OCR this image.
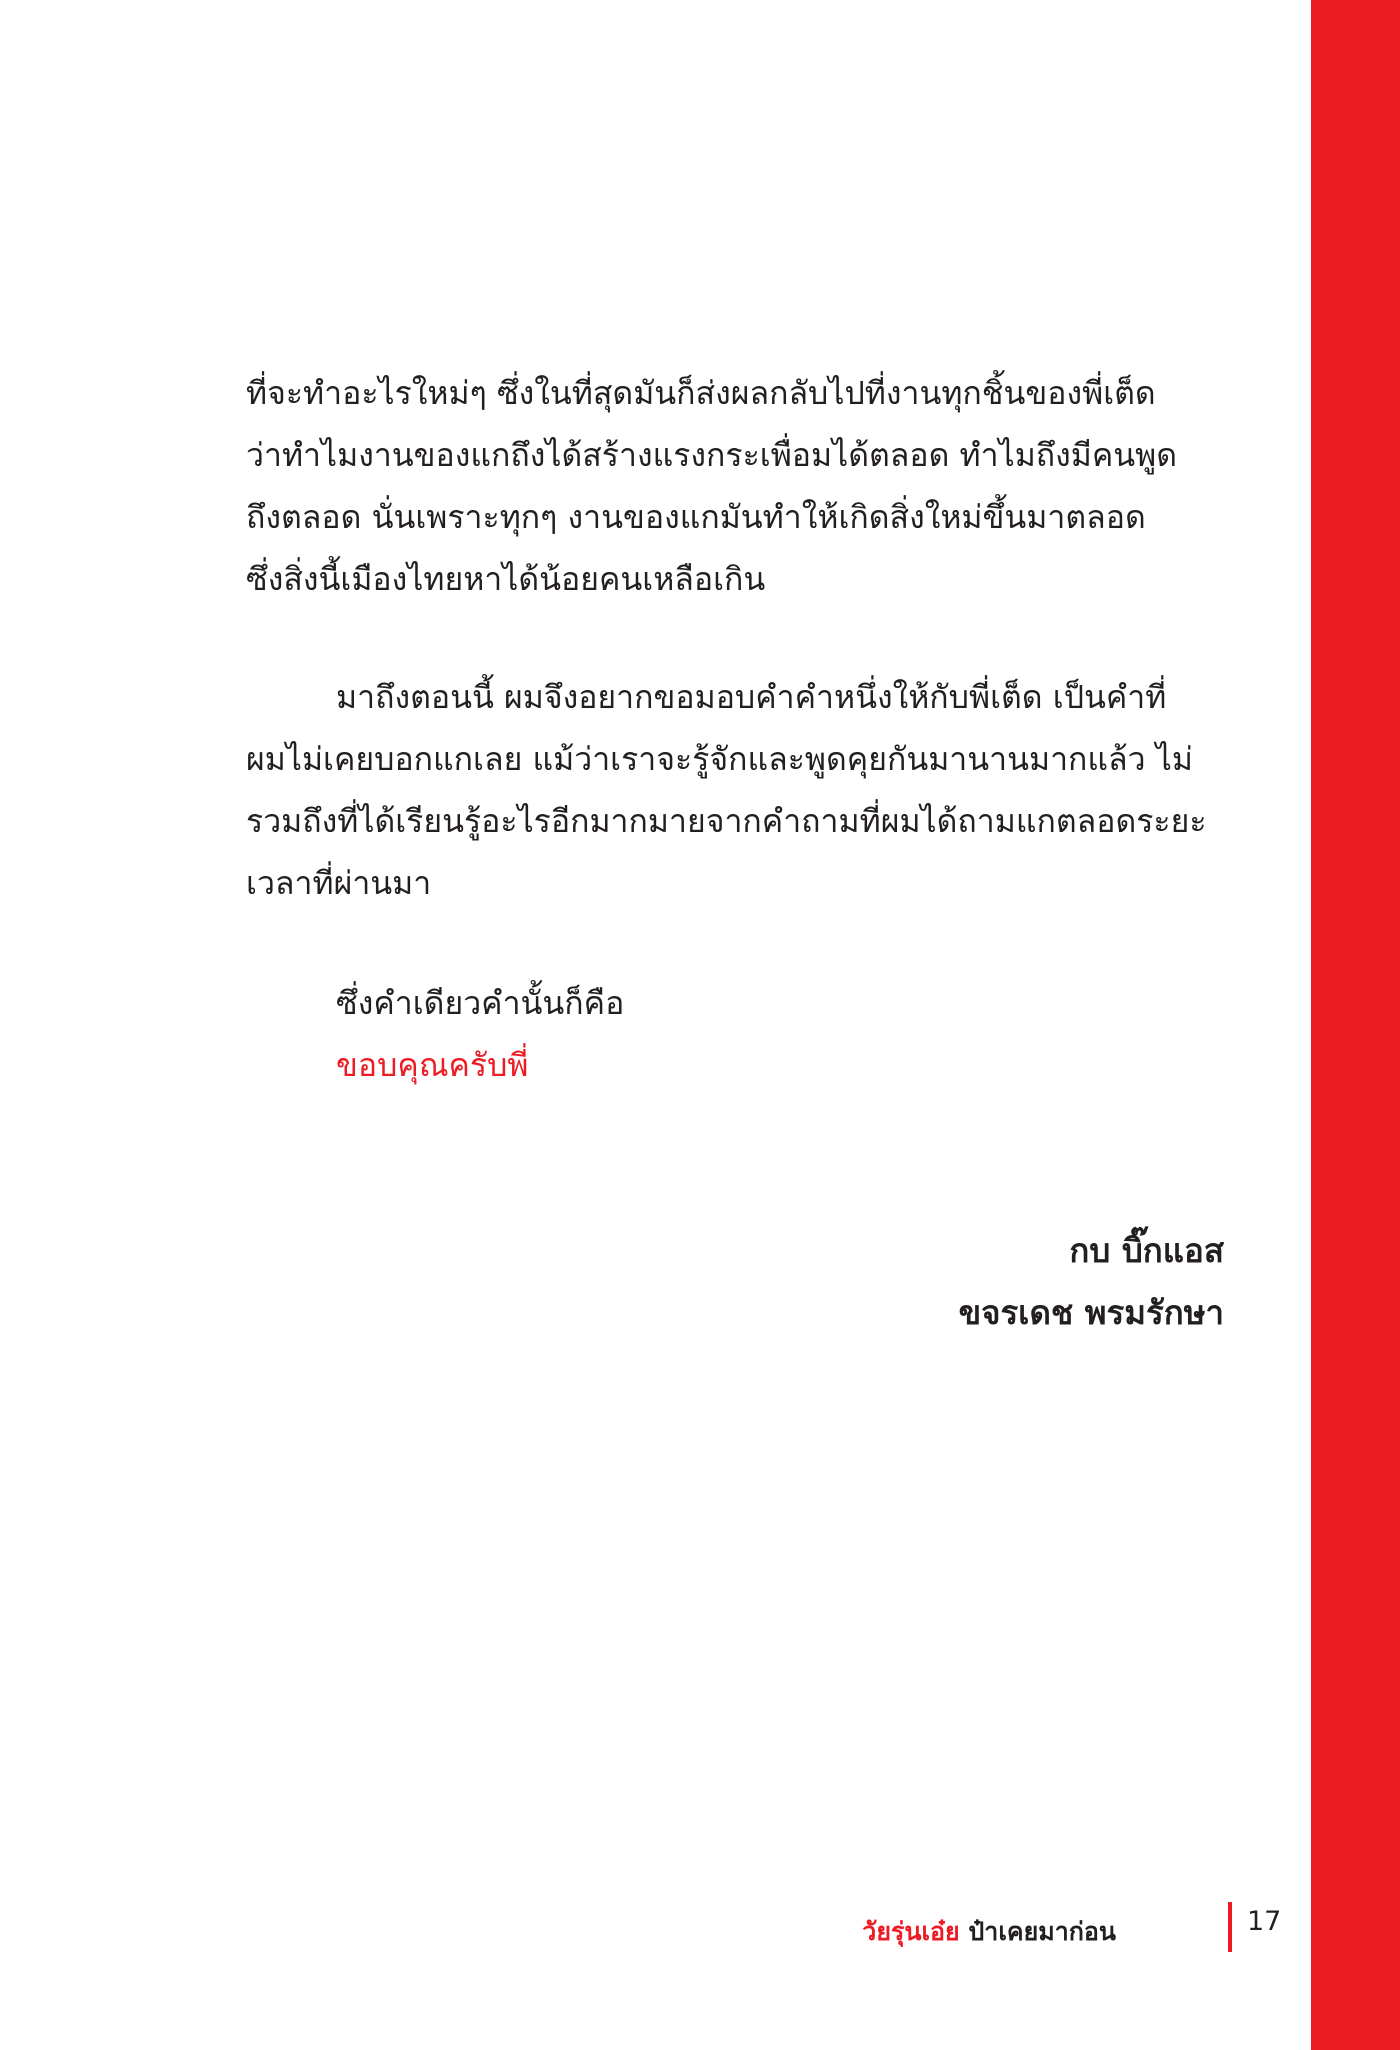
ที่จะทำอะไรใหม่ๆ ซึ่งในที่สุดมันก็ส่งผลกลับไปที่งานทุกชิ้นของพี่เต็ด
ว่าทำไมงานของแกถึงได้สร้างแรงกระเพื่อมได้ตลอด ทำไมถึงมีคนพูด
ถึงตลอด นั่นเพราะทุกๆ งานของแกมันทำให้เกิดสิ่งใหม่ขึ้นมาตลอด
ซึ่งสิ่งนี้เมืองไทยหาได้น้อยคนเหลือเกิน
มาถึงตอนนี้ ผมจึงอยากขอมอบคำคำหนึ่งให้กับพี่เต็ด เป็นคำที่
ผมไม่เคยบอกแกเลย แม้ว่าเราจะรู้จักและพูดคุยกันมานานมากแล้ว ไม่
รวมถึงที่ได้เรียนรู้อะไรอีกมากมายจากคำถามที่ผมได้ถามแกตลอดระยะ
เวลาที่ผ่านมา
ซึ่งคำเดียวคำนั้นก็คือ
ขอบคุณครับพี่
กบ บิ๊กแอส
ขจรเดช พรมรักษา
วัยรุ่นเอ๋ย ป๋าเคยมาก่อน	17
